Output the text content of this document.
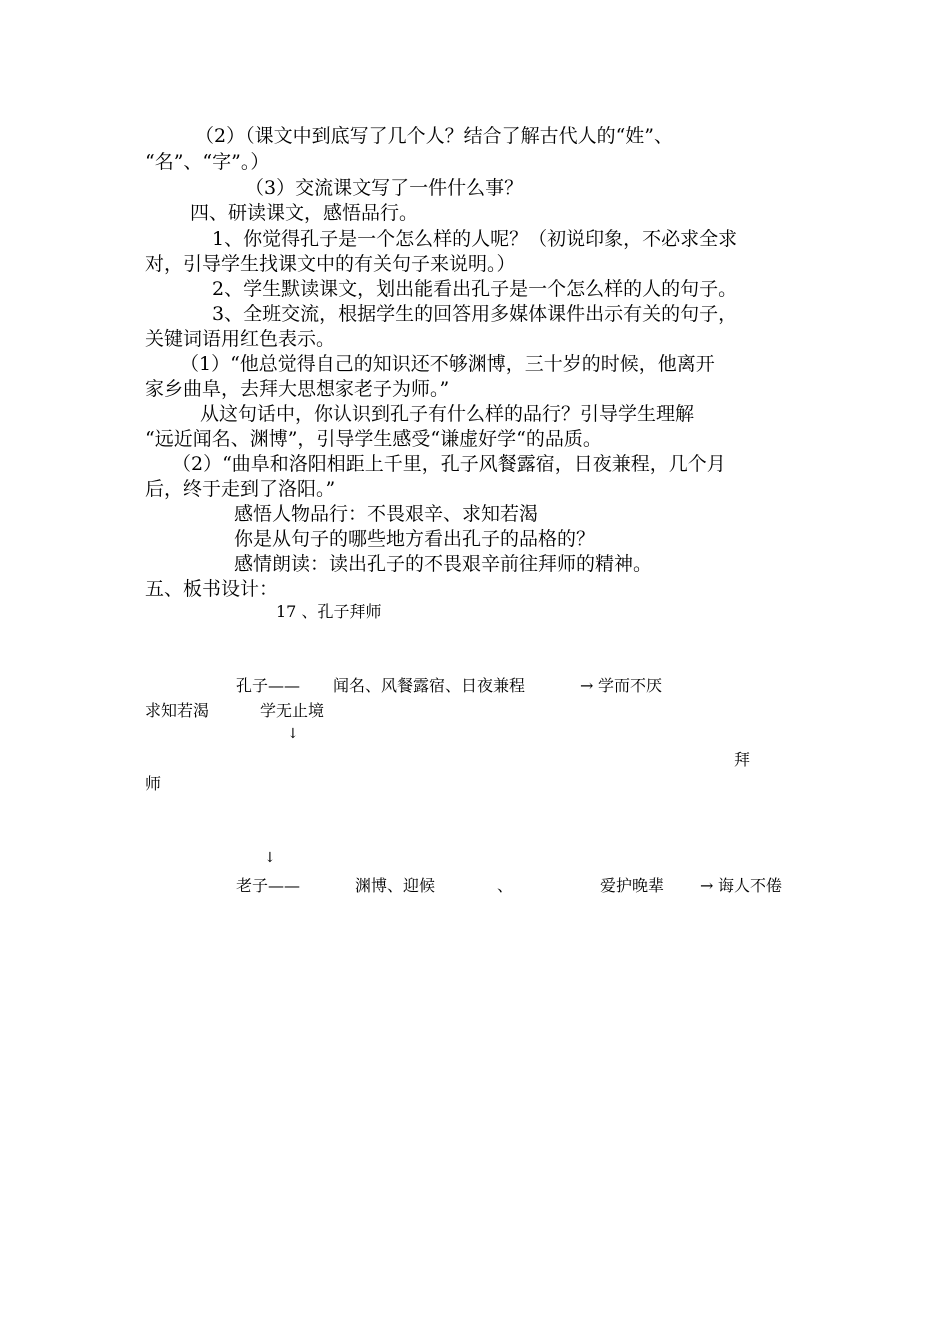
（2）（课文中到底写了几个人？结合了解古代人的“姓”、
“名”、“字”。）
（3）交流课文写了一件什么事？
四、研读课文，感悟品行。
1、你觉得孔子是一个怎么样的人呢？（初说印象，不必求全求
对，引导学生找课文中的有关句子来说明。）
2、学生默读课文，划出能看出孔子是一个怎么样的人的句子。
3、全班交流，根据学生的回答用多媒体课件出示有关的句子，
关键词语用红色表示。
（1）“他总觉得自己的知识还不够渊博，三十岁的时候，他离开
家乡曲阜，去拜大思想家老子为师。”
从这句话中，你认识到孔子有什么样的品行？引导学生理解
“远近闻名、渊博”，引导学生感受“谦虚好学“的品质。
（2）“曲阜和洛阳相距上千里，孔子风餐露宿，日夜兼程，几个月
后，终于走到了洛阳。”
感悟人物品行：不畏艰辛、求知若渴
你是从句子的哪些地方看出孔子的品格的？
感情朗读：读出孔子的不畏艰辛前往拜师的精神。
五、板书设计：
17 、孔子拜师
孔子—— 闻名、风餐露宿、日夜兼程	→ 学而不厌
求知若渴	学无止境
↓
拜
师
↓
老子——	渊博、迎候	、	爱护晚辈 → 诲人不倦
